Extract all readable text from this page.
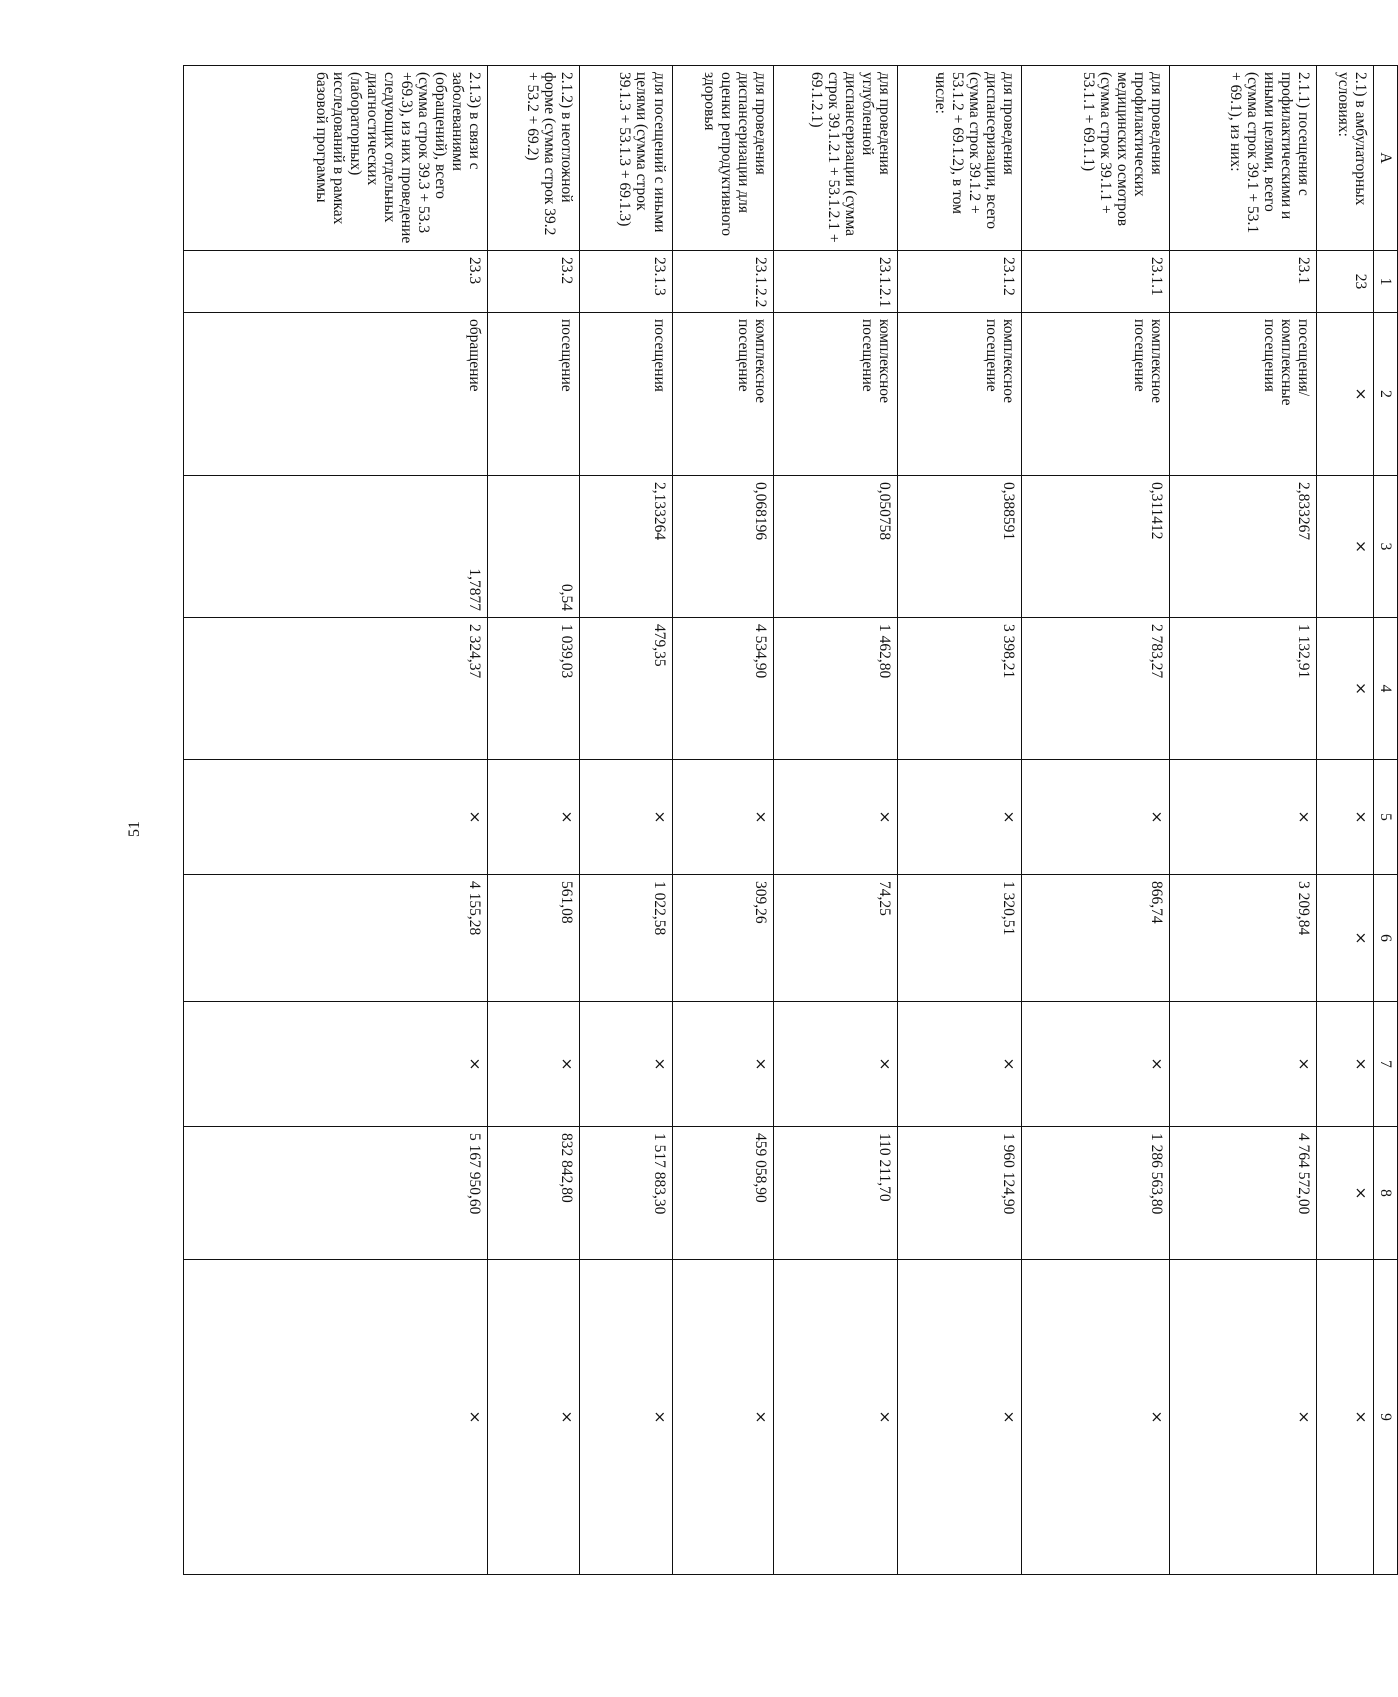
51
A	1	2	3	4	5	6	7	8	9
2.1) в амбулаторных условиях:	23	×	×	×	×	×	×	×	×
2.1.1) посещения с профилактическими и иными целями, всего (сумма строк 39.1 + 53.1 + 69.1), из них:	23.1	посещения/ комплексные посещения	2,833267	1 132,91	×	3 209,84	×	4 764 572,00	×
для проведения профилактических медицинских осмотров (сумма строк 39.1.1 + 53.1.1 + 69.1.1)	23.1.1	комплексное посещение	0,311412	2 783,27	×	866,74	×	1 286 563,80	×
для проведения диспансеризации, всего (сумма строк 39.1.2 + 53.1.2 + 69.1.2), в том числе:	23.1.2	комплексное посещение	0,388591	3 398,21	×	1 320,51	×	1 960 124,90	×
для проведения углубленной диспансеризации (сумма строк 39.1.2.1 + 53.1.2.1 + 69.1.2.1)	23.1.2.1	комплексное посещение	0,050758	1 462,80	×	74,25	×	110 211,70	×
для проведения диспансеризации для оценки репродуктивного здоровья	23.1.2.2	комплексное посещение	0,068196	4 534,90	×	309,26	×	459 058,90	×
для посещений с иными целями (сумма строк 39.1.3 + 53.1.3 + 69.1.3)	23.1.3	посещения	2,133264	479,35	×	1 022,58	×	1 517 883,30	×
2.1.2) в неотложной форме (сумма строк 39.2 + 53.2 + 69.2)	23.2	посещение	0,54	1 039,03	×	561,08	×	832 842,80	×
2.1.3) в связи с заболеваниями (обращений), всего (сумма строк 39.3 + 53.3 +69.3), из них проведение следующих отдельных диагностических (лабораторных) исследований в рамках базовой программы	23.3	обращение	1,7877	2 324,37	×	4 155,28	×	5 167 950,60	×
